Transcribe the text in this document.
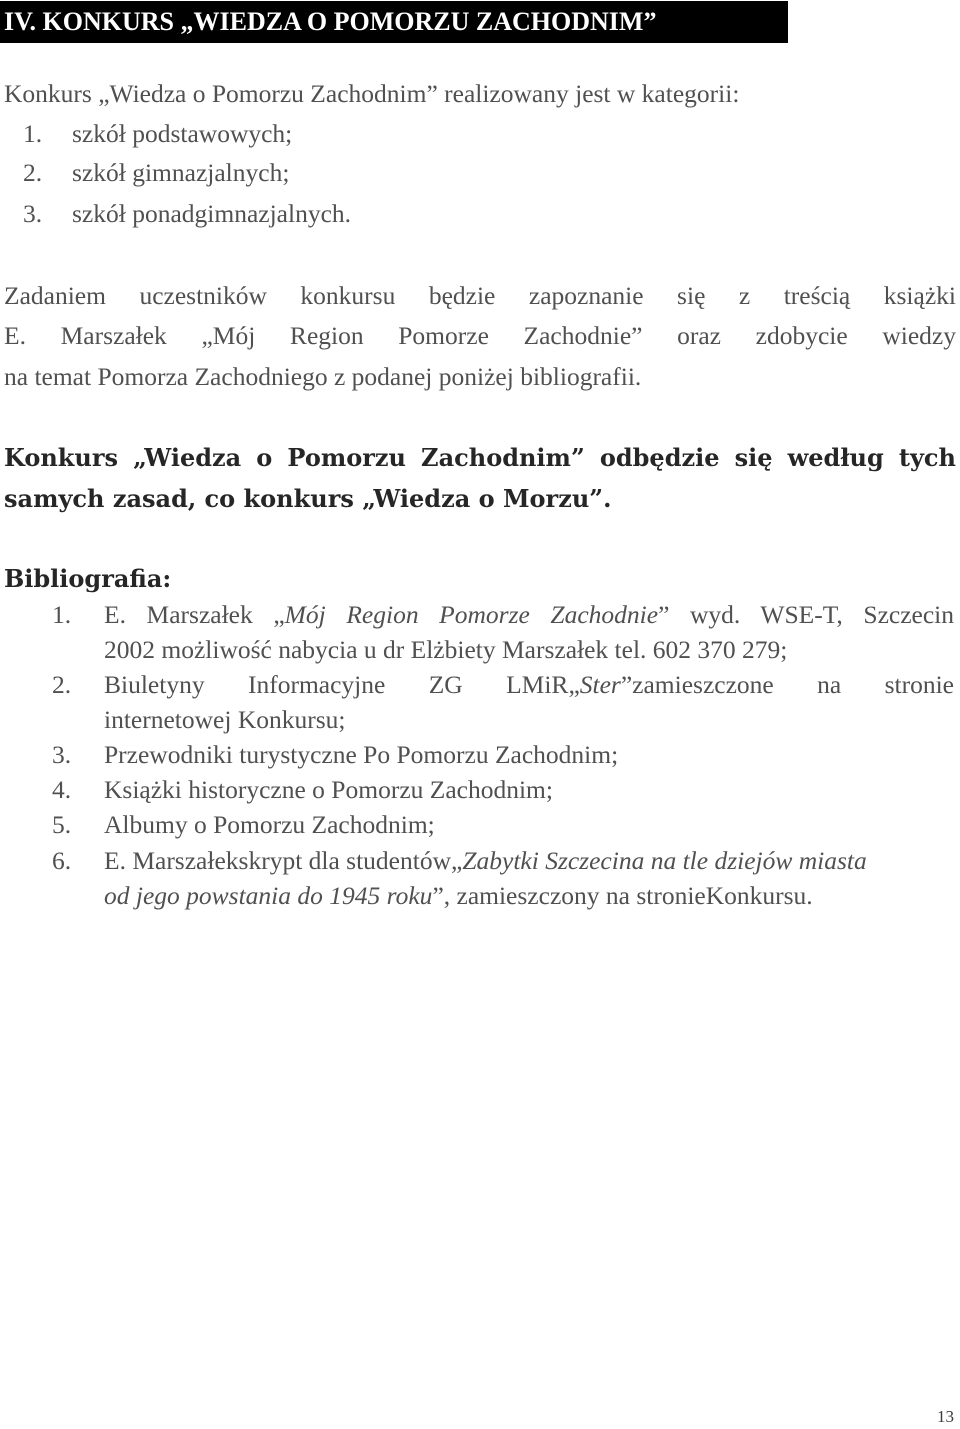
IV. KONKURS „WIEDZA O POMORZU ZACHODNIM”
Konkurs „Wiedza o Pomorzu Zachodnim” realizowany jest w kategorii:
1. szkół podstawowych;
2. szkół gimnazjalnych;
3. szkół ponadgimnazjalnych.
Zadaniem uczestników konkursu będzie zapoznanie się z treścią książki
E. Marszałek „Mój Region Pomorze Zachodnie” oraz zdobycie wiedzy
na temat Pomorza Zachodniego z podanej poniżej bibliografii.
Konkurs „Wiedza o Pomorzu Zachodnim” odbędzie się według tych
samych zasad, co konkurs „Wiedza o Morzu”.
Bibliografia:
1. E. Marszałek „Mój Region Pomorze Zachodnie” wyd. WSE-T, Szczecin
2002 możliwość nabycia u dr Elżbiety Marszałek tel. 602 370 279;
2. Biuletyny Informacyjne ZG LMiR„Ster”zamieszczone na stronie
internetowej Konkursu;
3. Przewodniki turystyczne Po Pomorzu Zachodnim;
4. Książki historyczne o Pomorzu Zachodnim;
5. Albumy o Pomorzu Zachodnim;
6. E. Marszałekskrypt dla studentów„Zabytki Szczecina na tle dziejów miasta
od jego powstania do 1945 roku”, zamieszczony na stronieKonkursu.
13
